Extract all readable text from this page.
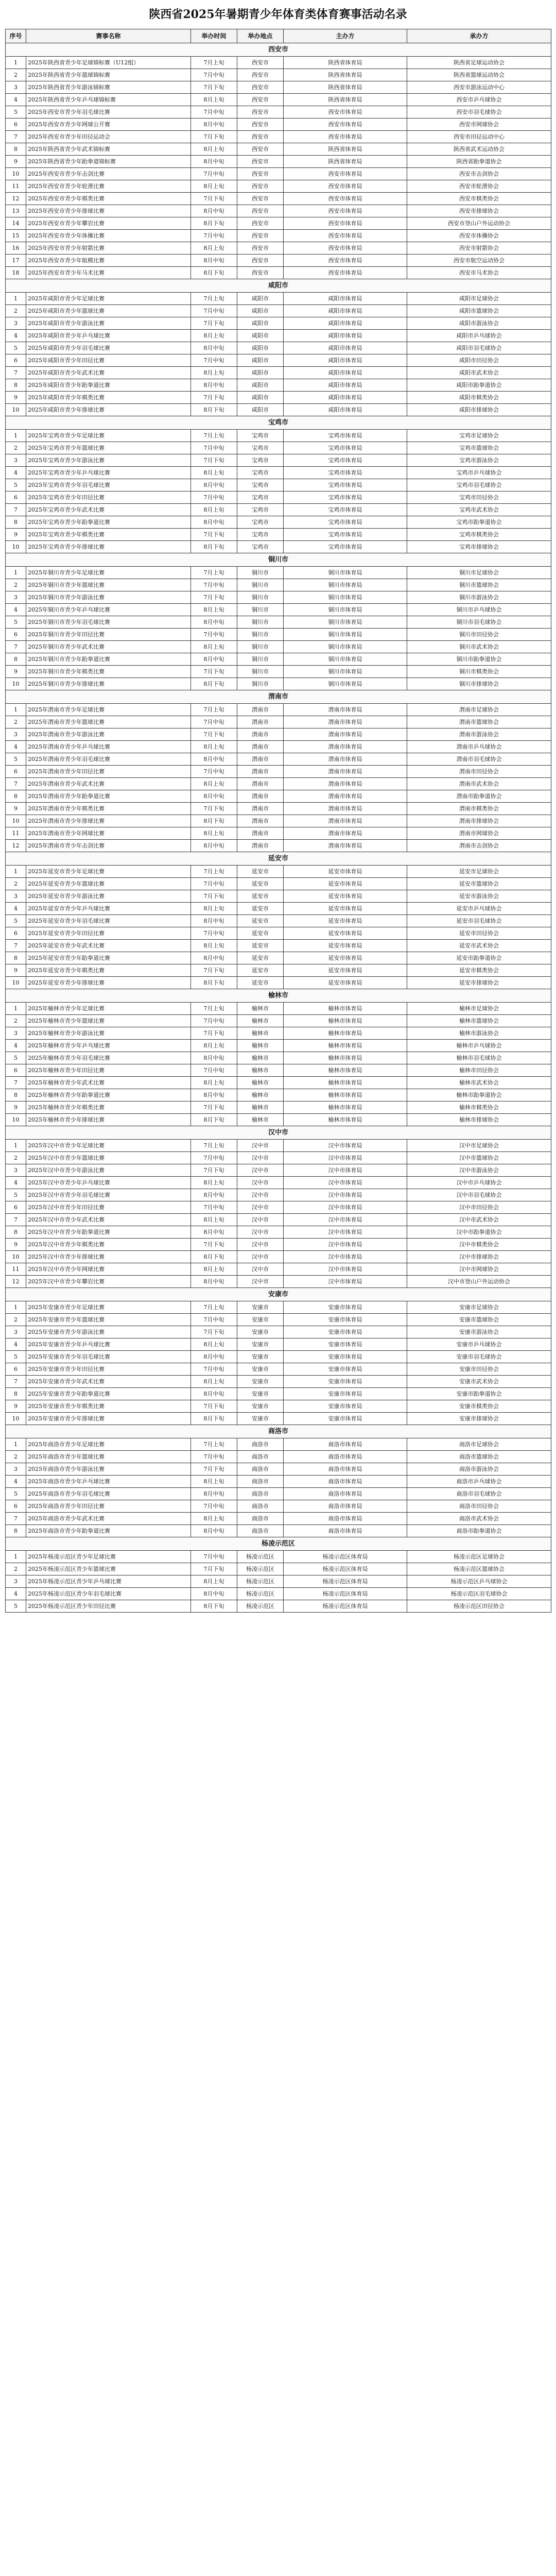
陕西省2025年暑期青少年体育类体育赛事活动名录
序号	赛事名称	举办时间	举办地点	主办方	承办方
西安市					
1	2025年陕西省青少年足球锦标赛（U12组）	7月上旬	西安市	陕西省体育局	陕西省足球运动协会
2	2025年陕西省青少年篮球锦标赛	7月中旬	西安市	陕西省体育局	陕西省篮球运动协会
3	2025年陕西省青少年游泳锦标赛	7月下旬	西安市	陕西省体育局	西安市游泳运动中心
4	2025年陕西省青少年乒乓球锦标赛	8月上旬	西安市	陕西省体育局	西安市乒乓球协会
5	2025年西安市青少年羽毛球比赛	7月中旬	西安市	西安市体育局	西安市羽毛球协会
6	2025年西安市青少年网球公开赛	8月中旬	西安市	西安市体育局	西安市网球协会
7	2025年西安市青少年田径运动会	7月下旬	西安市	西安市体育局	西安市田径运动中心
8	2025年陕西省青少年武术锦标赛	8月上旬	西安市	陕西省体育局	陕西省武术运动协会
9	2025年陕西省青少年跆拳道锦标赛	8月中旬	西安市	陕西省体育局	陕西省跆拳道协会
10	2025年西安市青少年击剑比赛	7月中旬	西安市	西安市体育局	西安市击剑协会
11	2025年西安市青少年轮滑比赛	8月上旬	西安市	西安市体育局	西安市轮滑协会
12	2025年西安市青少年棋类比赛	7月下旬	西安市	西安市体育局	西安市棋类协会
13	2025年西安市青少年排球比赛	8月中旬	西安市	西安市体育局	西安市排球协会
14	2025年西安市青少年攀岩比赛	8月下旬	西安市	西安市体育局	西安市登山户外运动协会
15	2025年西安市青少年体操比赛	7月中旬	西安市	西安市体育局	西安市体操协会
16	2025年西安市青少年射箭比赛	8月上旬	西安市	西安市体育局	西安市射箭协会
17	2025年西安市青少年航模比赛	8月中旬	西安市	西安市体育局	西安市航空运动协会
18	2025年西安市青少年马术比赛	8月下旬	西安市	西安市体育局	西安市马术协会
咸阳市					
1	2025年咸阳市青少年足球比赛	7月上旬	咸阳市	咸阳市体育局	咸阳市足球协会
2	2025年咸阳市青少年篮球比赛	7月中旬	咸阳市	咸阳市体育局	咸阳市篮球协会
3	2025年咸阳市青少年游泳比赛	7月下旬	咸阳市	咸阳市体育局	咸阳市游泳协会
4	2025年咸阳市青少年乒乓球比赛	8月上旬	咸阳市	咸阳市体育局	咸阳市乒乓球协会
5	2025年咸阳市青少年羽毛球比赛	8月中旬	咸阳市	咸阳市体育局	咸阳市羽毛球协会
6	2025年咸阳市青少年田径比赛	7月中旬	咸阳市	咸阳市体育局	咸阳市田径协会
7	2025年咸阳市青少年武术比赛	8月上旬	咸阳市	咸阳市体育局	咸阳市武术协会
8	2025年咸阳市青少年跆拳道比赛	8月中旬	咸阳市	咸阳市体育局	咸阳市跆拳道协会
9	2025年咸阳市青少年棋类比赛	7月下旬	咸阳市	咸阳市体育局	咸阳市棋类协会
10	2025年咸阳市青少年排球比赛	8月下旬	咸阳市	咸阳市体育局	咸阳市排球协会
宝鸡市					
1	2025年宝鸡市青少年足球比赛	7月上旬	宝鸡市	宝鸡市体育局	宝鸡市足球协会
2	2025年宝鸡市青少年篮球比赛	7月中旬	宝鸡市	宝鸡市体育局	宝鸡市篮球协会
3	2025年宝鸡市青少年游泳比赛	7月下旬	宝鸡市	宝鸡市体育局	宝鸡市游泳协会
4	2025年宝鸡市青少年乒乓球比赛	8月上旬	宝鸡市	宝鸡市体育局	宝鸡市乒乓球协会
5	2025年宝鸡市青少年羽毛球比赛	8月中旬	宝鸡市	宝鸡市体育局	宝鸡市羽毛球协会
6	2025年宝鸡市青少年田径比赛	7月中旬	宝鸡市	宝鸡市体育局	宝鸡市田径协会
7	2025年宝鸡市青少年武术比赛	8月上旬	宝鸡市	宝鸡市体育局	宝鸡市武术协会
8	2025年宝鸡市青少年跆拳道比赛	8月中旬	宝鸡市	宝鸡市体育局	宝鸡市跆拳道协会
9	2025年宝鸡市青少年棋类比赛	7月下旬	宝鸡市	宝鸡市体育局	宝鸡市棋类协会
10	2025年宝鸡市青少年排球比赛	8月下旬	宝鸡市	宝鸡市体育局	宝鸡市排球协会
铜川市					
1	2025年铜川市青少年足球比赛	7月上旬	铜川市	铜川市体育局	铜川市足球协会
2	2025年铜川市青少年篮球比赛	7月中旬	铜川市	铜川市体育局	铜川市篮球协会
3	2025年铜川市青少年游泳比赛	7月下旬	铜川市	铜川市体育局	铜川市游泳协会
4	2025年铜川市青少年乒乓球比赛	8月上旬	铜川市	铜川市体育局	铜川市乒乓球协会
5	2025年铜川市青少年羽毛球比赛	8月中旬	铜川市	铜川市体育局	铜川市羽毛球协会
6	2025年铜川市青少年田径比赛	7月中旬	铜川市	铜川市体育局	铜川市田径协会
7	2025年铜川市青少年武术比赛	8月上旬	铜川市	铜川市体育局	铜川市武术协会
8	2025年铜川市青少年跆拳道比赛	8月中旬	铜川市	铜川市体育局	铜川市跆拳道协会
9	2025年铜川市青少年棋类比赛	7月下旬	铜川市	铜川市体育局	铜川市棋类协会
10	2025年铜川市青少年排球比赛	8月下旬	铜川市	铜川市体育局	铜川市排球协会
渭南市					
1	2025年渭南市青少年足球比赛	7月上旬	渭南市	渭南市体育局	渭南市足球协会
2	2025年渭南市青少年篮球比赛	7月中旬	渭南市	渭南市体育局	渭南市篮球协会
3	2025年渭南市青少年游泳比赛	7月下旬	渭南市	渭南市体育局	渭南市游泳协会
4	2025年渭南市青少年乒乓球比赛	8月上旬	渭南市	渭南市体育局	渭南市乒乓球协会
5	2025年渭南市青少年羽毛球比赛	8月中旬	渭南市	渭南市体育局	渭南市羽毛球协会
6	2025年渭南市青少年田径比赛	7月中旬	渭南市	渭南市体育局	渭南市田径协会
7	2025年渭南市青少年武术比赛	8月上旬	渭南市	渭南市体育局	渭南市武术协会
8	2025年渭南市青少年跆拳道比赛	8月中旬	渭南市	渭南市体育局	渭南市跆拳道协会
9	2025年渭南市青少年棋类比赛	7月下旬	渭南市	渭南市体育局	渭南市棋类协会
10	2025年渭南市青少年排球比赛	8月下旬	渭南市	渭南市体育局	渭南市排球协会
11	2025年渭南市青少年网球比赛	8月上旬	渭南市	渭南市体育局	渭南市网球协会
12	2025年渭南市青少年击剑比赛	8月中旬	渭南市	渭南市体育局	渭南市击剑协会
延安市					
1	2025年延安市青少年足球比赛	7月上旬	延安市	延安市体育局	延安市足球协会
2	2025年延安市青少年篮球比赛	7月中旬	延安市	延安市体育局	延安市篮球协会
3	2025年延安市青少年游泳比赛	7月下旬	延安市	延安市体育局	延安市游泳协会
4	2025年延安市青少年乒乓球比赛	8月上旬	延安市	延安市体育局	延安市乒乓球协会
5	2025年延安市青少年羽毛球比赛	8月中旬	延安市	延安市体育局	延安市羽毛球协会
6	2025年延安市青少年田径比赛	7月中旬	延安市	延安市体育局	延安市田径协会
7	2025年延安市青少年武术比赛	8月上旬	延安市	延安市体育局	延安市武术协会
8	2025年延安市青少年跆拳道比赛	8月中旬	延安市	延安市体育局	延安市跆拳道协会
9	2025年延安市青少年棋类比赛	7月下旬	延安市	延安市体育局	延安市棋类协会
10	2025年延安市青少年排球比赛	8月下旬	延安市	延安市体育局	延安市排球协会
榆林市					
1	2025年榆林市青少年足球比赛	7月上旬	榆林市	榆林市体育局	榆林市足球协会
2	2025年榆林市青少年篮球比赛	7月中旬	榆林市	榆林市体育局	榆林市篮球协会
3	2025年榆林市青少年游泳比赛	7月下旬	榆林市	榆林市体育局	榆林市游泳协会
4	2025年榆林市青少年乒乓球比赛	8月上旬	榆林市	榆林市体育局	榆林市乒乓球协会
5	2025年榆林市青少年羽毛球比赛	8月中旬	榆林市	榆林市体育局	榆林市羽毛球协会
6	2025年榆林市青少年田径比赛	7月中旬	榆林市	榆林市体育局	榆林市田径协会
7	2025年榆林市青少年武术比赛	8月上旬	榆林市	榆林市体育局	榆林市武术协会
8	2025年榆林市青少年跆拳道比赛	8月中旬	榆林市	榆林市体育局	榆林市跆拳道协会
9	2025年榆林市青少年棋类比赛	7月下旬	榆林市	榆林市体育局	榆林市棋类协会
10	2025年榆林市青少年排球比赛	8月下旬	榆林市	榆林市体育局	榆林市排球协会
汉中市					
1	2025年汉中市青少年足球比赛	7月上旬	汉中市	汉中市体育局	汉中市足球协会
2	2025年汉中市青少年篮球比赛	7月中旬	汉中市	汉中市体育局	汉中市篮球协会
3	2025年汉中市青少年游泳比赛	7月下旬	汉中市	汉中市体育局	汉中市游泳协会
4	2025年汉中市青少年乒乓球比赛	8月上旬	汉中市	汉中市体育局	汉中市乒乓球协会
5	2025年汉中市青少年羽毛球比赛	8月中旬	汉中市	汉中市体育局	汉中市羽毛球协会
6	2025年汉中市青少年田径比赛	7月中旬	汉中市	汉中市体育局	汉中市田径协会
7	2025年汉中市青少年武术比赛	8月上旬	汉中市	汉中市体育局	汉中市武术协会
8	2025年汉中市青少年跆拳道比赛	8月中旬	汉中市	汉中市体育局	汉中市跆拳道协会
9	2025年汉中市青少年棋类比赛	7月下旬	汉中市	汉中市体育局	汉中市棋类协会
10	2025年汉中市青少年排球比赛	8月下旬	汉中市	汉中市体育局	汉中市排球协会
11	2025年汉中市青少年网球比赛	8月上旬	汉中市	汉中市体育局	汉中市网球协会
12	2025年汉中市青少年攀岩比赛	8月中旬	汉中市	汉中市体育局	汉中市登山户外运动协会
安康市					
1	2025年安康市青少年足球比赛	7月上旬	安康市	安康市体育局	安康市足球协会
2	2025年安康市青少年篮球比赛	7月中旬	安康市	安康市体育局	安康市篮球协会
3	2025年安康市青少年游泳比赛	7月下旬	安康市	安康市体育局	安康市游泳协会
4	2025年安康市青少年乒乓球比赛	8月上旬	安康市	安康市体育局	安康市乒乓球协会
5	2025年安康市青少年羽毛球比赛	8月中旬	安康市	安康市体育局	安康市羽毛球协会
6	2025年安康市青少年田径比赛	7月中旬	安康市	安康市体育局	安康市田径协会
7	2025年安康市青少年武术比赛	8月上旬	安康市	安康市体育局	安康市武术协会
8	2025年安康市青少年跆拳道比赛	8月中旬	安康市	安康市体育局	安康市跆拳道协会
9	2025年安康市青少年棋类比赛	7月下旬	安康市	安康市体育局	安康市棋类协会
10	2025年安康市青少年排球比赛	8月下旬	安康市	安康市体育局	安康市排球协会
商洛市					
1	2025年商洛市青少年足球比赛	7月上旬	商洛市	商洛市体育局	商洛市足球协会
2	2025年商洛市青少年篮球比赛	7月中旬	商洛市	商洛市体育局	商洛市篮球协会
3	2025年商洛市青少年游泳比赛	7月下旬	商洛市	商洛市体育局	商洛市游泳协会
4	2025年商洛市青少年乒乓球比赛	8月上旬	商洛市	商洛市体育局	商洛市乒乓球协会
5	2025年商洛市青少年羽毛球比赛	8月中旬	商洛市	商洛市体育局	商洛市羽毛球协会
6	2025年商洛市青少年田径比赛	7月中旬	商洛市	商洛市体育局	商洛市田径协会
7	2025年商洛市青少年武术比赛	8月上旬	商洛市	商洛市体育局	商洛市武术协会
8	2025年商洛市青少年跆拳道比赛	8月中旬	商洛市	商洛市体育局	商洛市跆拳道协会
杨凌示范区					
1	2025年杨凌示范区青少年足球比赛	7月中旬	杨凌示范区	杨凌示范区体育局	杨凌示范区足球协会
2	2025年杨凌示范区青少年篮球比赛	7月下旬	杨凌示范区	杨凌示范区体育局	杨凌示范区篮球协会
3	2025年杨凌示范区青少年乒乓球比赛	8月上旬	杨凌示范区	杨凌示范区体育局	杨凌示范区乒乓球协会
4	2025年杨凌示范区青少年羽毛球比赛	8月中旬	杨凌示范区	杨凌示范区体育局	杨凌示范区羽毛球协会
5	2025年杨凌示范区青少年田径比赛	8月下旬	杨凌示范区	杨凌示范区体育局	杨凌示范区田径协会
